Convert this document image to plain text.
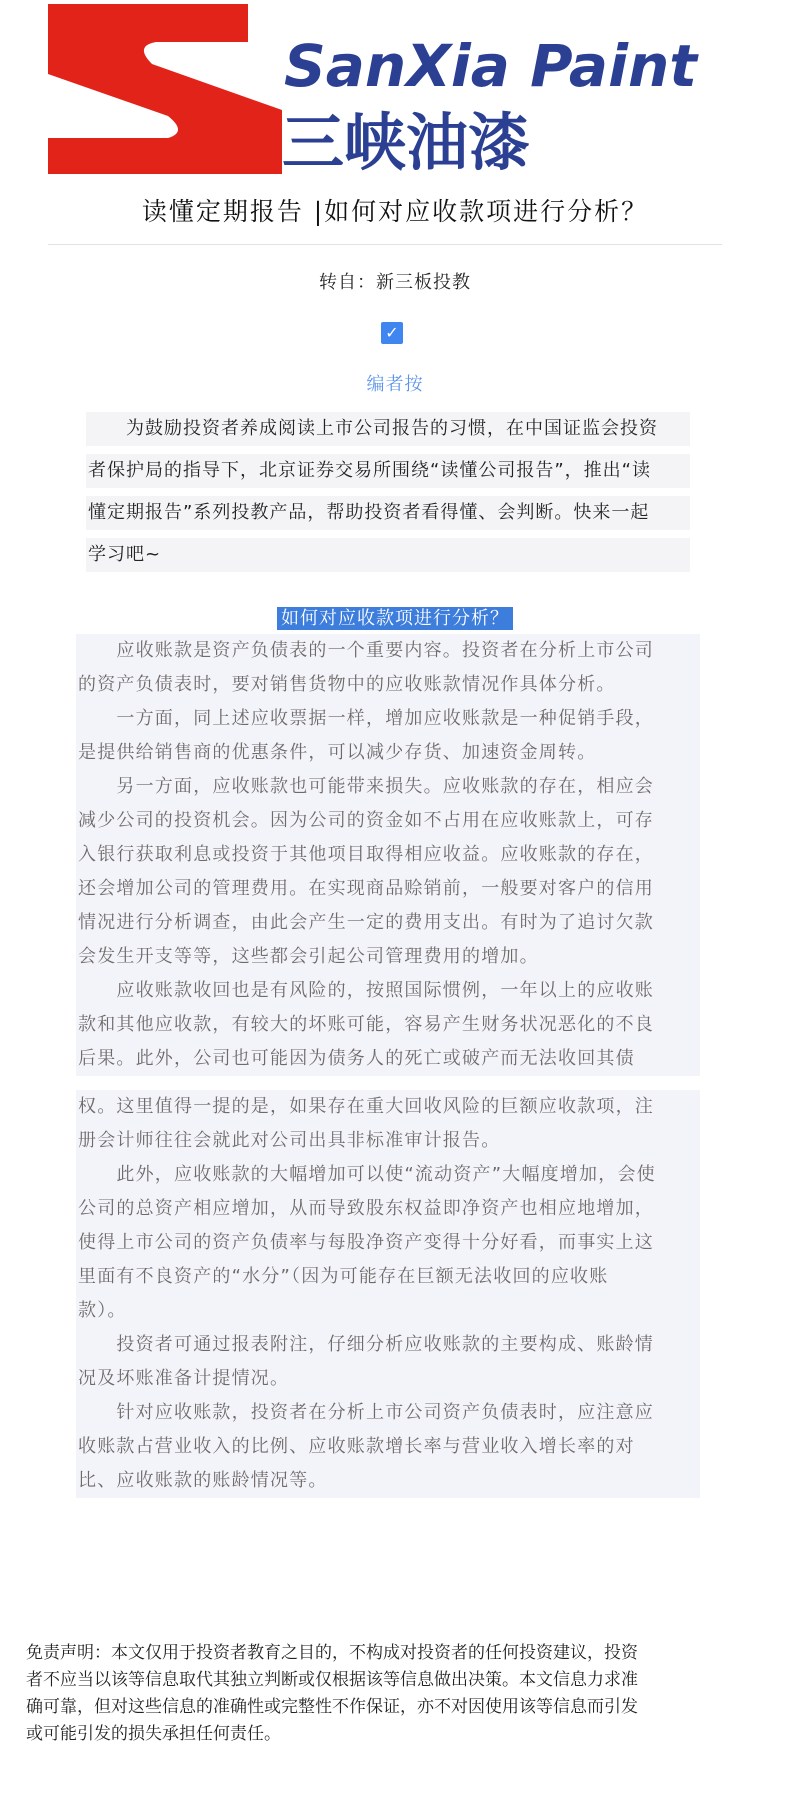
SanXia Paint
三峡油漆
读懂定期报告 |如何对应收款项进行分析？
转自：新三板投教
✓
编者按
　　为鼓励投资者养成阅读上市公司报告的习惯，在中国证监会投资
者保护局的指导下，北京证券交易所围绕“读懂公司报告”，推出“读
懂定期报告”系列投教产品，帮助投资者看得懂、会判断。快来一起
学习吧~
如何对应收款项进行分析？
　　应收账款是资产负债表的一个重要内容。投资者在分析上市公司
的资产负债表时，要对销售货物中的应收账款情况作具体分析。
　　一方面，同上述应收票据一样，增加应收账款是一种促销手段，
是提供给销售商的优惠条件，可以减少存货、加速资金周转。
　　另一方面，应收账款也可能带来损失。应收账款的存在，相应会
减少公司的投资机会。因为公司的资金如不占用在应收账款上，可存
入银行获取利息或投资于其他项目取得相应收益。应收账款的存在，
还会增加公司的管理费用。在实现商品赊销前，一般要对客户的信用
情况进行分析调查，由此会产生一定的费用支出。有时为了追讨欠款
会发生开支等等，这些都会引起公司管理费用的增加。
　　应收账款收回也是有风险的，按照国际惯例，一年以上的应收账
款和其他应收款，有较大的坏账可能，容易产生财务状况恶化的不良
后果。此外，公司也可能因为债务人的死亡或破产而无法收回其债
权。这里值得一提的是，如果存在重大回收风险的巨额应收款项，注
册会计师往往会就此对公司出具非标准审计报告。
　　此外，应收账款的大幅增加可以使“流动资产”大幅度增加，会使
公司的总资产相应增加，从而导致股东权益即净资产也相应地增加，
使得上市公司的资产负债率与每股净资产变得十分好看，而事实上这
里面有不良资产的“水分”（因为可能存在巨额无法收回的应收账
款）。
　　投资者可通过报表附注，仔细分析应收账款的主要构成、账龄情
况及坏账准备计提情况。
　　针对应收账款，投资者在分析上市公司资产负债表时，应注意应
收账款占营业收入的比例、应收账款增长率与营业收入增长率的对
比、应收账款的账龄情况等。
免责声明：本文仅用于投资者教育之目的，不构成对投资者的任何投资建议，投资
者不应当以该等信息取代其独立判断或仅根据该等信息做出决策。本文信息力求准
确可靠，但对这些信息的准确性或完整性不作保证，亦不对因使用该等信息而引发
或可能引发的损失承担任何责任。
